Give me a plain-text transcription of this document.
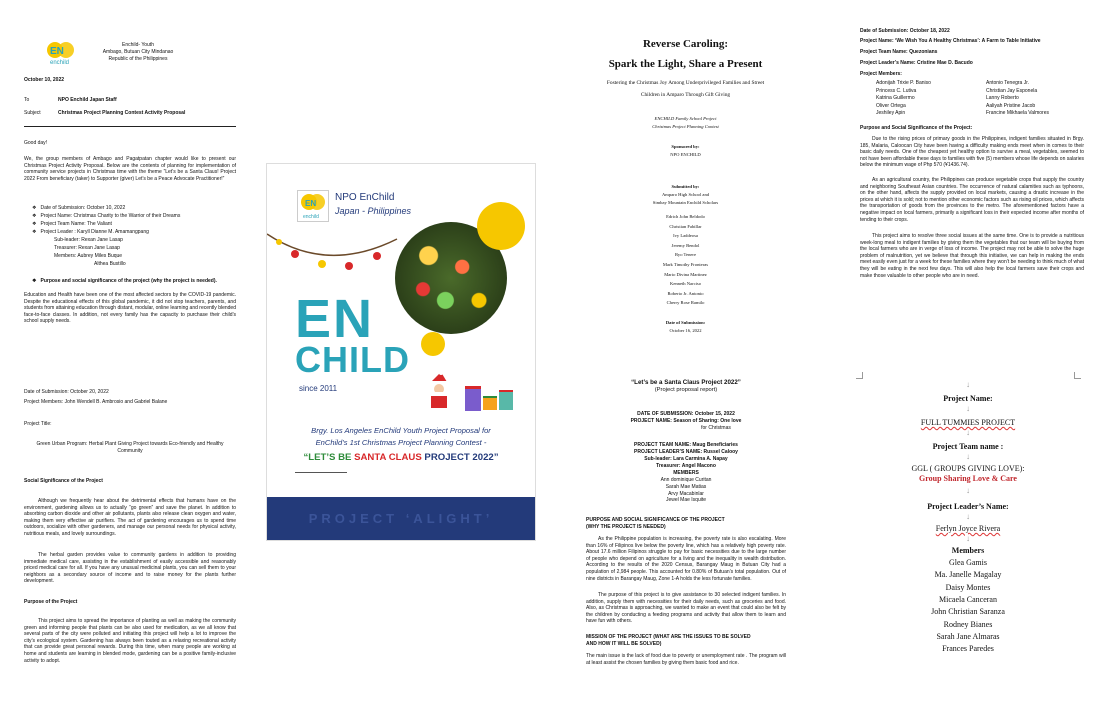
EN
enchild
Enchild- Youth
Ambago, Butuan City Mindanao
Republic of the Philippines
October 10, 2022
To	NPO Enchild Japan Staff
Subject	Christmas Project Planning Contest Activity Proposal
Good day!
We, the group members of Ambago and Pagatpatan chapter would like to present our Christmas Project Activity Proposal. Below are the contents of planning for implementation of community service projects in Christmas time with the theme “Let’s be a Santa Claus! Project 2022 From beneficiary (taker) to Supporter (giver) Let’s be a Peace Advocate Practitioner!”
❖ Date of Submission: October 10, 2022
❖ Project Name: Christmas Charity to the Warrior of their Dreams
❖ Project Team Name: The Valiant
❖ Project Leader : Karyll Dianne M. Amamangpang
Sub-leader: Rexan Jane Lasap
Treasurer: Rexan Jane Lasap
Members: Aubrey Miles Buque
Althea Bustillo
❖ Purpose and social significance of the project (why the project is needed).
Education and Health have been one of the most affected sectors by the COVID-19 pandemic. Despite the educational effects of this global pandemic, it did not stop teachers, parents, and students from attaining education through distant, modular, online learning and recently blended face-to-face classes. In addition, not every family has the capacity to purchase their child’s school supply needs.
Date of Submission: October 20, 2022
Project Members: John Wendell B. Ambrosio and Gabriel Balane
Project Title:
Green Urban Program: Herbal Plant Giving Project towards Eco-friendly and Healthy Community
Social Significance of the Project
Although we frequently hear about the detrimental effects that humans have on the environment, gardening allows us to actually “go green” and save the planet. In addition to absorbing carbon dioxide and other air pollutants, plants also release clean oxygen and water, making them very effective air purifiers. The act of gardening encourages us to spend time outdoors, socialize with other gardeners, and manage our personal needs for physical activity, nutritious meals, and lovely surroundings.
The herbal garden provides value to community gardens in addition to providing immediate medical care, assisting in the establishment of easily accessible and reasonably priced medical care for all. If you have any unusual medicinal plants, you can sell them to your neighbors as a secondary source of income and to raise money for the plants further development.
Purpose of the Project
This project aims to spread the importance of planting as well as making the community green and informing people that plants can be also used for medication, as we all know that several parts of the city were polluted and initiating this project will help a lot to improve the city’s ecological system. Gardening has always been touted as a relaxing recreational activity that can provide great personal rewards. During this time, when many people are working at home and students are learning in blended mode, gardening can be a positive family-inclusive activity to adopt.
EN
enchild
NPO EnChild
Japan - Philippines
EN
CHILD
since 2011
Brgy. Los Angeles EnChild Youth Project Proposal for
EnChild’s 1st Christmas Project Planning Contest -
“LET’S BE SANTA CLAUS PROJECT 2022”
PROJECT ‘ALIGHT’
Reverse Caroling:
Spark the Light, Share a Present
Fostering the Christmas Joy Among Underprivileged Families and Street
Children in Amparo Through Gift Giving
ENCHILD Family School Project
Christmas Project Planning Contest
Sponsored by:
NPO ENCHILD
Submitted by:
Amparo High School and
Simbay Mountain Enchild Scholars
Edrich John Beldodo
Christian Fabillar
Ivy Laddeosa
Jeremy Bendol
Ryo Tenere
Mark Timothy Fronteras
Mario Divina Martinez
Kenneth Narciso
Roberto Jr. Antonio
Cherry Rose Ramilo
Date of Submission:
October 16, 2022
“Let’s be a Santa Claus Project 2022”
(Project proposal report)
DATE OF SUBMISSION: October 15, 2022
PROJECT NAME: Season of Sharing: One love
for Christmas
PROJECT TEAM NAME: Maug Beneficiaries
PROJECT LEADER’S NAME: Russel Calooy
Sub-leader: Lara Carmina A. Napay
Treasurer: Angel Macono
MEMBERS
Ann dominique Curitan
Sarah Mae Matias
Arvy Macabinlar
Jewel Mae Isquite
PURPOSE AND SOCIAL SIGNIFICANCE OF THE PROJECT
(WHY THE PROJECT IS NEEDED)
As the Philippine population is increasing, the poverty rate is also escalating. More than 16% of Filipinos live below the poverty line, which has a relatively high poverty rate. About 17.6 million Filipinos struggle to pay for basic necessities due to the large number of people who depend on agriculture for a living and the inequality in wealth distribution. According to the results of the 2020 Census, Barangay Maug in Butuan City had a population of 2,984 people. This accounted for 0.80% of Butuan’s total population. Out of nine districts in Barangay Maug, Zone 1-A holds the less fortunate families.
The purpose of this project is to give assistance to 30 selected indigent families. In addition, supply them with necessities for their daily needs, such as groceries and food. Also, as Christmas is approaching, we wanted to make an event that could also be felt by the children by conducting a feeding programs and activity that allow them to learn and have fun with others.
MISSION OF THE PROJECT (WHAT ARE THE ISSUES TO BE SOLVED
AND HOW IT WILL BE SOLVED)
The main issue is the lack of food due to poverty or unemployment rate . The program will at least assist the chosen families by giving them basic food and rice.
Date of Submission: October 18, 2022
Project Name: ‘We Wish You A Healthy Christmas’: A Farm to Table Initiative
Project Team Name: Quezonians
Project Leader’s Name: Cristine Mae D. Bacudo
Project Members:
Adonijah Trixie P. Baniso
Princess C. Lutiva
Katrina Guillermo
Oliver Ortega
Jeshiley Apin
Antonio Tenegra Jr.
Christian Jay Esponela
Lanny Roberto
Aaliyah Pristine Jacob
Francine Mikhaela Valmores
Purpose and Social Significance of the Project:
Due to the rising prices of primary goods in the Philippines, indigent families situated in Brgy. 185, Malaria, Caloocan City have been having a difficulty making ends meet when in comes to their basic daily needs. One of the cheapest yet healthy option to survive a meal, vegetables, seemed to not have been affordable these days to families with five (5) members whose life depends on salaries below the minimum wage of Php 570 (¥1436.74).
As an agricultural country, the Philippines can produce vegetable crops that supply the country and neighboring Southeast Asian countries. The occurrence of natural calamities such as typhoons, on the other hand, affects the supply provided on local markets, causing a drastic increase in the prices at which it is sold; not to mention other economic factors such as rising oil prices, which affects the transportation of goods from the provinces to the metro. The aforementioned factors have a negative impact on local farmers, primarily a significant loss in their expected income after months of tending to their crops.
This project aims to resolve three social issues at the same time. One is to provide a nutritious week-long meal to indigent families by giving them the vegetables that our team will be buying from the local farmers who are in verge of loss of income. The project may not be able to solve the huge problem of malnutrition, yet we believe that through this initiative, we can help in making the ends meet easily even just for a week for these families where they won’t be needing to think much of what they will be eating in the next few days. This will also help the local farmers save their crops and make those valuable to other people who are in need.
↓
Project Name:
↓
FULL TUMMIES PROJECT
↓
Project Team name :
↓
GGL ( GROUPS GIVING LOVE):
Group Sharing Love & Care
↓
Project Leader’s Name:
↓
Ferlyn Joyce Rivera
↓
Members
Glea Gamis
Ma. Janelle Magalay
Daisy Montes
Micaela Canceran
John Christian Saranza
Rodney Bianes
Sarah Jane Almaras
Frances Paredes
